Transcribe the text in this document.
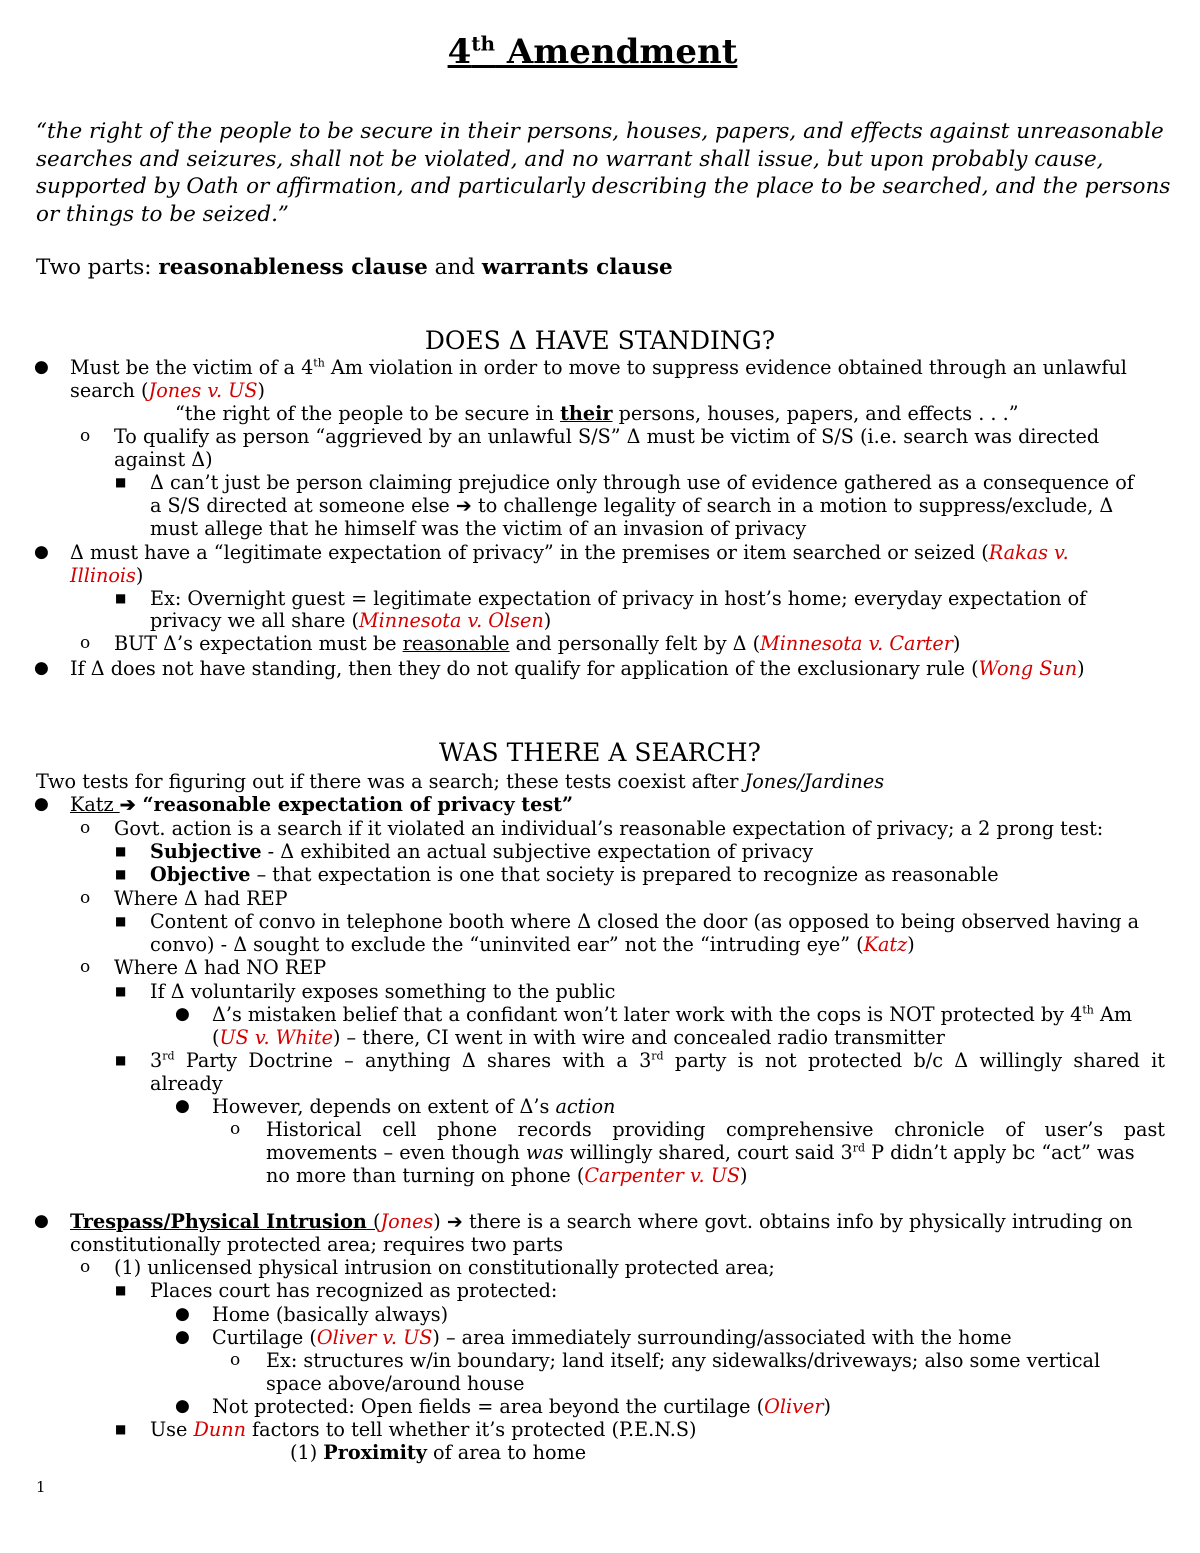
4th Amendment
“the right of the people to be secure in their persons, houses, papers, and effects against unreasonable searches and seizures, shall not be violated, and no warrant shall issue, but upon probably cause, supported by Oath or affirmation, and particularly describing the place to be searched, and the persons or things to be seized.”
Two parts: reasonableness clause and warrants clause
DOES Δ HAVE STANDING?
● Must be the victim of a 4th Am violation in order to move to suppress evidence obtained through an unlawful
search (Jones v. US)
“the right of the people to be secure in their persons, houses, papers, and effects . . .”
o To qualify as person “aggrieved by an unlawful S/S” Δ must be victim of S/S (i.e. search was directed
against Δ)
■ Δ can’t just be person claiming prejudice only through use of evidence gathered as a consequence of
a S/S directed at someone else ➔ to challenge legality of search in a motion to suppress/exclude, Δ
must allege that he himself was the victim of an invasion of privacy
● Δ must have a “legitimate expectation of privacy” in the premises or item searched or seized (Rakas v.
Illinois)
■ Ex: Overnight guest = legitimate expectation of privacy in host’s home; everyday expectation of
privacy we all share (Minnesota v. Olsen)
o BUT Δ’s expectation must be reasonable and personally felt by Δ (Minnesota v. Carter)
● If Δ does not have standing, then they do not qualify for application of the exclusionary rule (Wong Sun)
WAS THERE A SEARCH?
Two tests for figuring out if there was a search; these tests coexist after Jones/Jardines
● Katz ➔ “reasonable expectation of privacy test”
o Govt. action is a search if it violated an individual’s reasonable expectation of privacy; a 2 prong test:
■ Subjective - Δ exhibited an actual subjective expectation of privacy
■ Objective – that expectation is one that society is prepared to recognize as reasonable
o Where Δ had REP
■ Content of convo in telephone booth where Δ closed the door (as opposed to being observed having a
convo) - Δ sought to exclude the “uninvited ear” not the “intruding eye” (Katz)
o Where Δ had NO REP
■ If Δ voluntarily exposes something to the public
● Δ’s mistaken belief that a confidant won’t later work with the cops is NOT protected by 4th Am
(US v. White) – there, CI went in with wire and concealed radio transmitter
■ 3rd Party Doctrine – anything Δ shares with a 3rd party is not protected b/c Δ willingly shared it
already
● However, depends on extent of Δ’s action
o Historical cell phone records providing comprehensive chronicle of user’s past
movements – even though was willingly shared, court said 3rd P didn’t apply bc “act” was
no more than turning on phone (Carpenter v. US)
● Trespass/Physical Intrusion (Jones) ➔ there is a search where govt. obtains info by physically intruding on
constitutionally protected area; requires two parts
o (1) unlicensed physical intrusion on constitutionally protected area;
■ Places court has recognized as protected:
● Home (basically always)
● Curtilage (Oliver v. US) – area immediately surrounding/associated with the home
o Ex: structures w/in boundary; land itself; any sidewalks/driveways; also some vertical
space above/around house
● Not protected: Open fields = area beyond the curtilage (Oliver)
■ Use Dunn factors to tell whether it’s protected (P.E.N.S)
(1) Proximity of area to home
1
